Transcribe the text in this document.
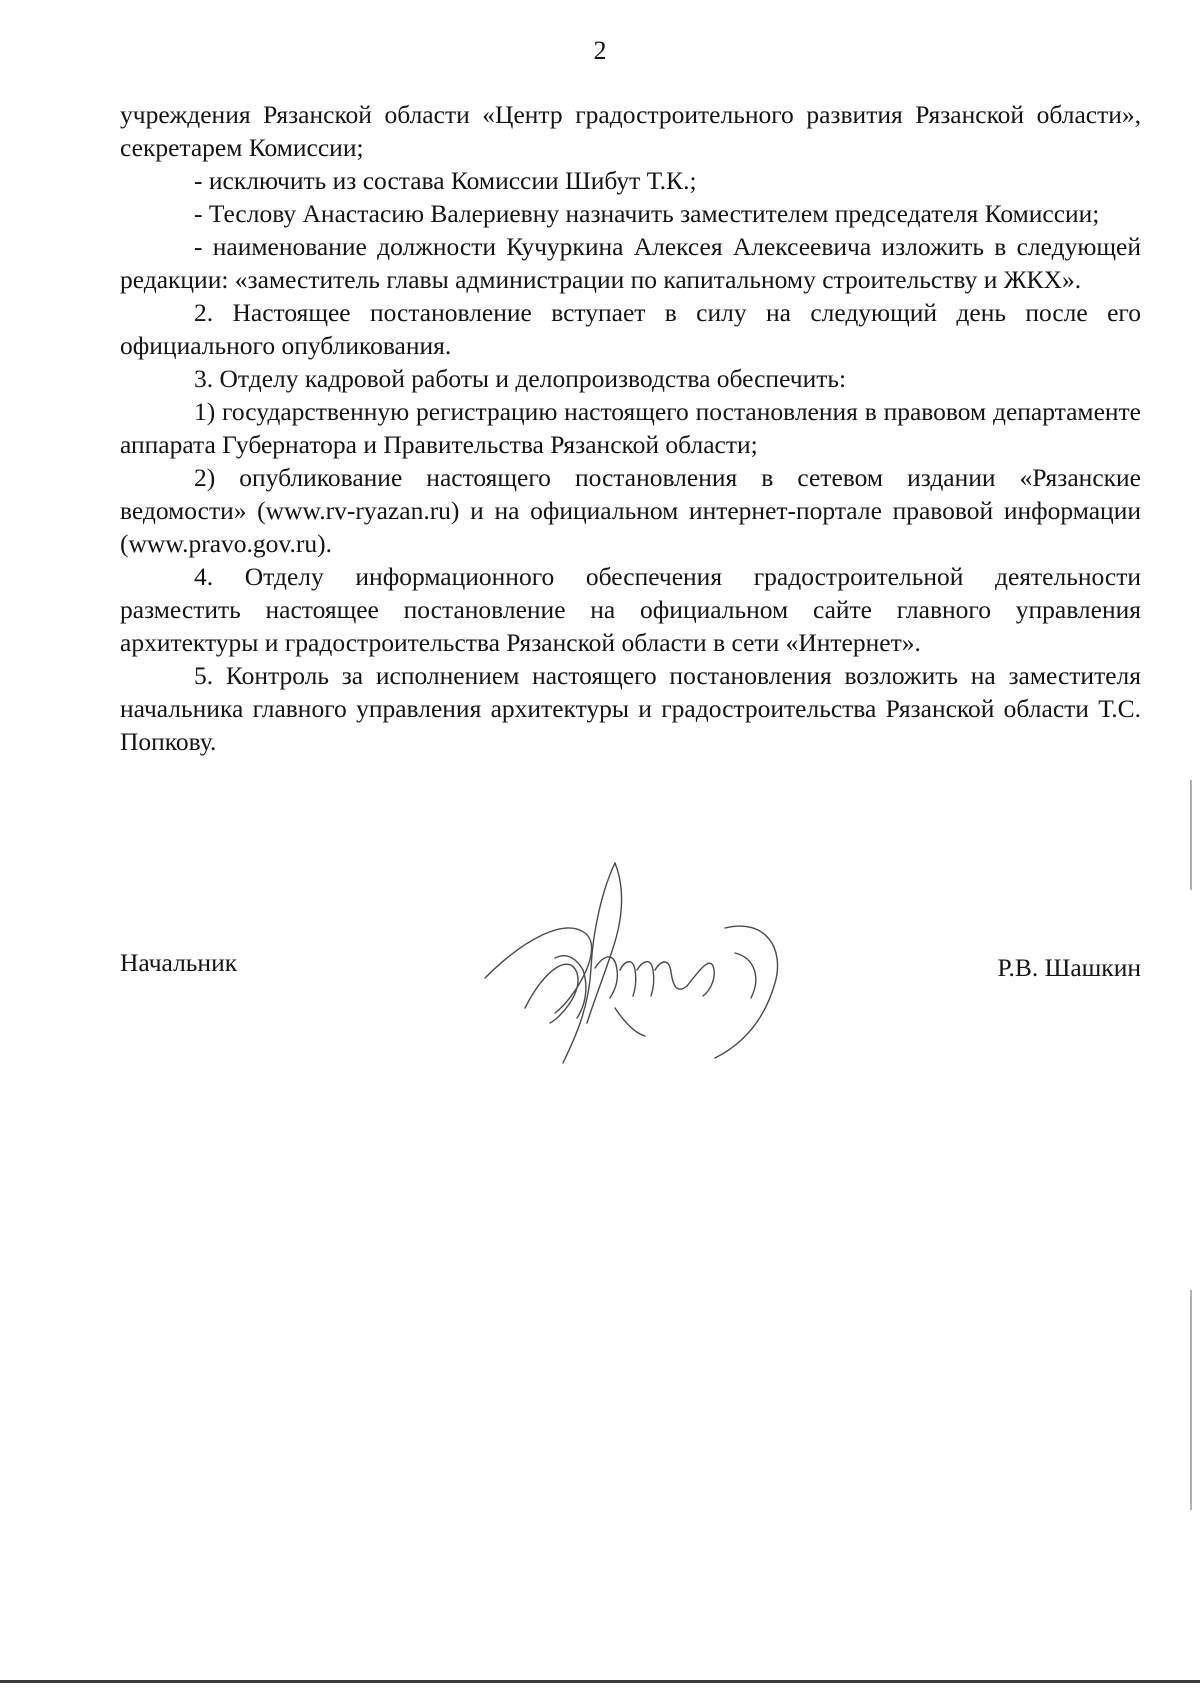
2

учреждения Рязанской области «Центр градостроительного развития Рязанской области», секретарем Комиссии;

- исключить из состава Комиссии Шибут Т.К.;

- Теслову Анастасию Валериевну назначить заместителем председателя Комиссии;

- наименование должности Кучуркина Алексея Алексеевича изложить в следующей редакции: «заместитель главы администрации по капитальному строительству и ЖКХ».

2. Настоящее постановление вступает в силу на следующий день после его официального опубликования.

3. Отделу кадровой работы и делопроизводства обеспечить:

1) государственную регистрацию настоящего постановления в правовом департаменте аппарата Губернатора и Правительства Рязанской области;

2) опубликование настоящего постановления в сетевом издании «Рязанские ведомости» (www.rv-ryazan.ru) и на официальном интернет-портале правовой информации (www.pravo.gov.ru).

4. Отделу информационного обеспечения градостроительной деятельности разместить настоящее постановление на официальном сайте главного управления архитектуры и градостроительства Рязанской области в сети «Интернет».

5. Контроль за исполнением настоящего постановления возложить на заместителя начальника главного управления архитектуры и градостроительства Рязанской области Т.С. Попкову.

Начальник	Р.В. Шашкин
